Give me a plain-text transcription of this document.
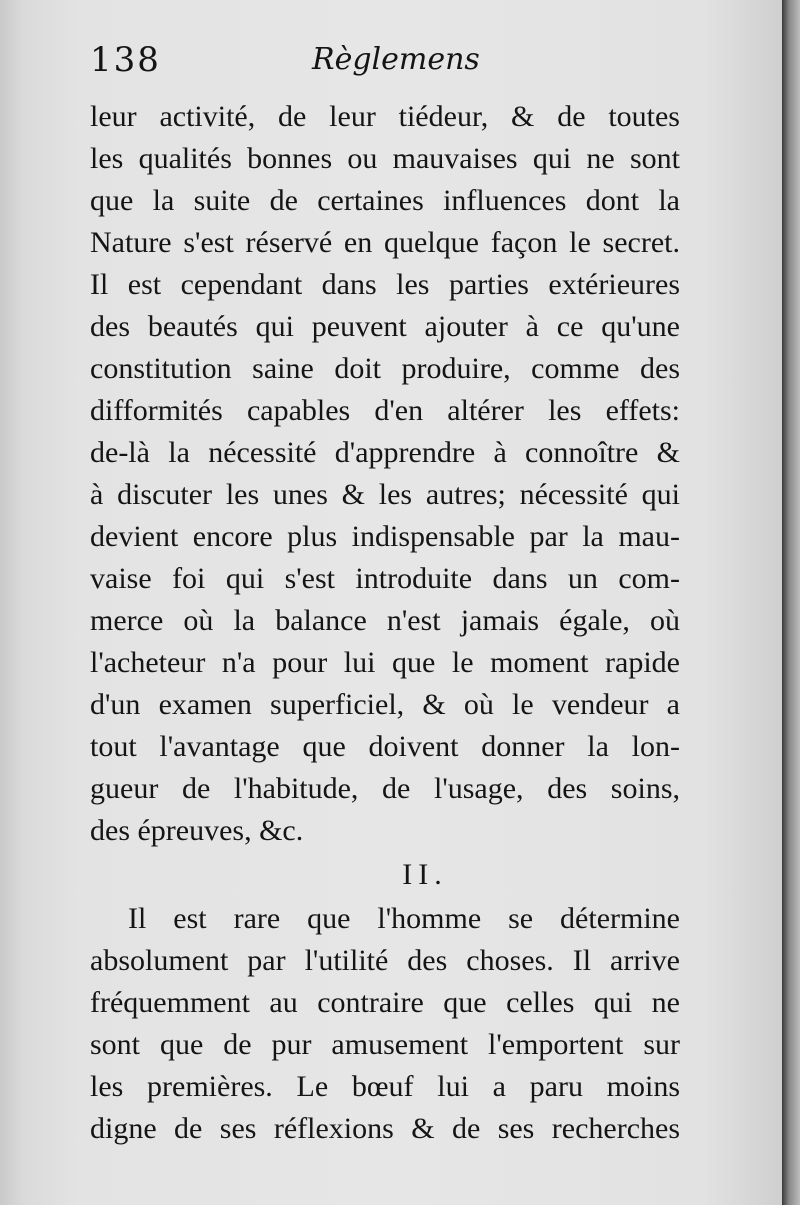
138	Règlemens
leur activité, de leur tiédeur, & de toutes
les qualités bonnes ou mauvaises qui ne sont
que la suite de certaines influences dont la
Nature s'est réservé en quelque façon le secret.
Il est cependant dans les parties extérieures
des beautés qui peuvent ajouter à ce qu'une
constitution saine doit produire, comme des
difformités capables d'en altérer les effets:
de-là la nécessité d'apprendre à connoître &
à discuter les unes & les autres; nécessité qui
devient encore plus indispensable par la mau-
vaise foi qui s'est introduite dans un com-
merce où la balance n'est jamais égale, où
l'acheteur n'a pour lui que le moment rapide
d'un examen superficiel, & où le vendeur a
tout l'avantage que doivent donner la lon-
gueur de l'habitude, de l'usage, des soins,
des épreuves, &c.
II.
Il est rare que l'homme se détermine
absolument par l'utilité des choses. Il arrive
fréquemment au contraire que celles qui ne
sont que de pur amusement l'emportent sur
les premières. Le bœuf lui a paru moins
digne de ses réflexions & de ses recherches
